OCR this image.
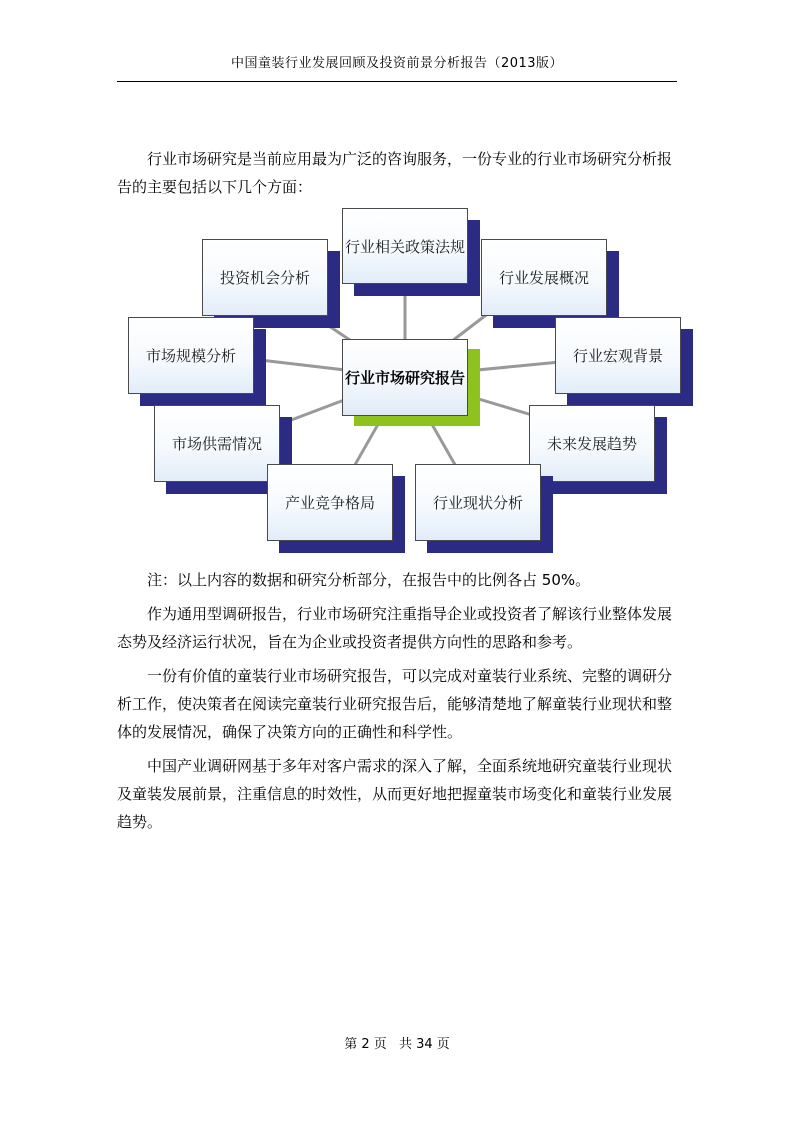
中国童装行业发展回顾及投资前景分析报告（2013版）

行业市场研究是当前应用最为广泛的咨询服务，一份专业的行业市场研究分析报告的主要包括以下几个方面：

行业相关政策法规
投资机会分析	行业发展概况
市场规模分析	行业宏观背景
市场供需情况	未来发展趋势
产业竞争格局	行业现状分析
行业市场研究报告

注：以上内容的数据和研究分析部分，在报告中的比例各占 50%。

作为通用型调研报告，行业市场研究注重指导企业或投资者了解该行业整体发展态势及经济运行状况，旨在为企业或投资者提供方向性的思路和参考。

一份有价值的童装行业市场研究报告，可以完成对童装行业系统、完整的调研分析工作，使决策者在阅读完童装行业研究报告后，能够清楚地了解童装行业现状和整体的发展情况，确保了决策方向的正确性和科学性。

中国产业调研网基于多年对客户需求的深入了解，全面系统地研究童装行业现状及童装发展前景，注重信息的时效性，从而更好地把握童装市场变化和童装行业发展趋势。

第 2 页 共 34 页
